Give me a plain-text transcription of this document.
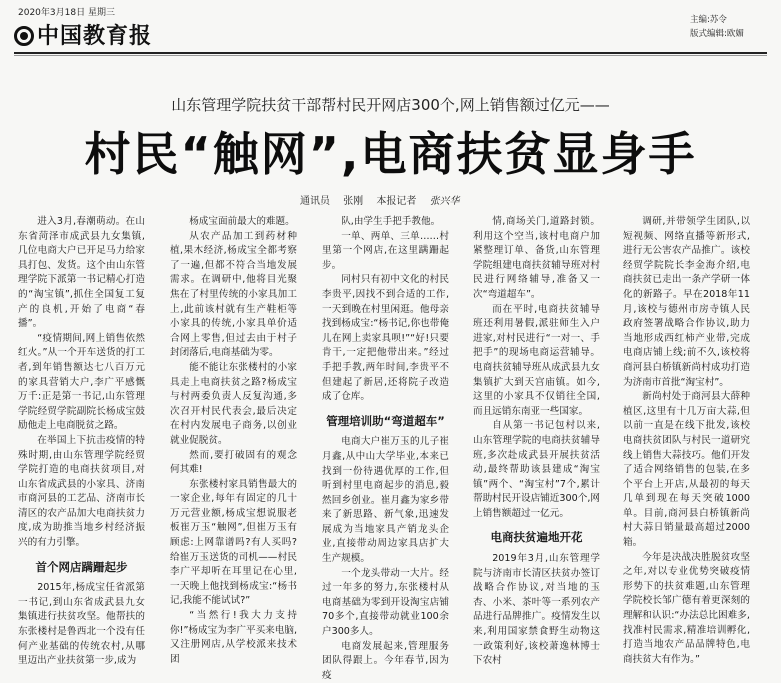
2020年3月18日 星期三
中国教育报
主编:苏令
版式编辑:欧媚
山东管理学院扶贫干部帮村民开网店300个,网上销售额过亿元——
村民“触网”,电商扶贫显身手
通讯员 张刚 本报记者 张兴华

进入3月,春潮萌动。在山东省菏泽市成武县九女集镇,几位电商大户已开足马力给家具打包、发货。这个由山东管理学院下派第一书记精心打造的“淘宝镇”,抓住全国复工复产的良机,开始了电商“春播”。

“疫情期间,网上销售依然红火。”从一个开车送货的打工者,到年销售额达七八百万元的家具营销大户,李广平感慨万千:正是第一书记,山东管理学院经贸学院副院长杨成宝鼓励他走上电商脱贫之路。

在举国上下抗击疫情的特殊时期,由山东管理学院经贸学院打造的电商扶贫项目,对山东省成武县的小家具、济南市商河县的工艺品、济南市长清区的农产品加大电商扶贫力度,成为助推当地乡村经济振兴的有力引擎。

首个网店蹒跚起步

2015年,杨成宝任省派第一书记,到山东省成武县九女集镇进行扶贫攻坚。他帮扶的东张楼村是鲁西北一个没有任何产业基础的传统农村,从哪里迈出产业扶贫第一步,成为

杨成宝面前最大的难题。

从农产品加工到药材种植,果木经济,杨成宝全都考察了一遍,但都不符合当地发展需求。在调研中,他将目光聚焦在了村里传统的小家具加工上,此前该村就有生产鞋柜等小家具的传统,小家具单价适合网上零售,但过去由于村子封闭落后,电商基础为零。

能不能让东张楼村的小家具走上电商扶贫之路?杨成宝与村两委负责人反复沟通,多次召开村民代表会,最后决定在村内发展电子商务,以创业就业促脱贫。

然而,要打破固有的观念何其难!

东张楼村家具销售最大的一家企业,每年有固定的几十万元营业额,杨成宝想说服老板崔万玉“触网”,但崔万玉有顾虑:上网靠谱吗?有人买吗?给崔万玉送货的司机——村民李广平却听在耳里记在心里,一天晚上他找到杨成宝:“杨书记,我能不能试试?”

“当然行!我大力支持你!”杨成宝为李广平买来电脑,又注册网店,从学校派来技术团

队,由学生手把手教他。

一单、两单、三单……村里第一个网店,在这里蹒跚起步。

同村只有初中文化的村民李贵平,因找不到合适的工作,一天到晚在村里闲逛。他母亲找到杨成宝:“杨书记,你也带俺儿在网上卖家具呗!”“好!只要肯干,一定把他带出来。”经过手把手教,两年时间,李贵平不但建起了新居,还将院子改造成了仓库。

管理培训助“弯道超车”

电商大户崔万玉的儿子崔月鑫,从中山大学毕业,本来已找到一份待遇优厚的工作,但听到村里电商起步的消息,毅然回乡创业。崔月鑫为家乡带来了新思路、新气象,迅速发展成为当地家具产销龙头企业,直接带动周边家具店扩大生产规模。

一个龙头带动一大片。经过一年多的努力,东张楼村从电商基础为零到开设淘宝店铺70多个,直接带动就业100余户300多人。

电商发展起来,管理服务团队得跟上。今年春节,因为疫

情,商场关门,道路封锁。利用这个空当,该村电商户加紧整理订单、备货,山东管理学院组建电商扶贫辅导班对村民进行网络辅导,准备又一次“弯道超车”。

而在平时,电商扶贫辅导班还利用暑假,派驻师生入户进家,对村民进行“一对一、手把手”的现场电商运营辅导。电商扶贫辅导班从成武县九女集镇扩大到天宫庙镇。如今,这里的小家具不仅销往全国,而且远销东南亚一些国家。

自从第一书记包村以来,山东管理学院的电商扶贫辅导班,多次赴成武县开展扶贫活动,最终帮助该县建成“淘宝镇”两个、“淘宝村”7个,累计帮助村民开设店铺近300个,网上销售额超过一亿元。

电商扶贫遍地开花

2019年3月,山东管理学院与济南市长清区扶贫办签订战略合作协议,对当地的玉杏、小米、茶叶等一系列农产品进行品牌推广。疫情发生以来,利用国家禁食野生动物这一政策利好,该校萧逸林博士下农村

调研,并带领学生团队,以短视频、网络直播等新形式,进行无公害农产品推广。该校经贸学院院长李金海介绍,电商扶贫已走出一条产学研一体化的新路子。早在2018年11月,该校与德州市房寺镇人民政府签署战略合作协议,助力当地形成西红柿产业带,完成电商店铺上线;前不久,该校将商河县白桥镇新尚村成功打造为济南市首批“淘宝村”。

新尚村处于商河县大薛种植区,这里有十几万亩大蒜,但以前一直是在线下批发,该校电商扶贫团队与村民一道研究线上销售大蒜技巧。他们开发了适合网络销售的包装,在多个平台上开店,从最初的每天几单到现在每天突破1000单。目前,商河县白桥镇新尚村大蒜日销量最高超过2000箱。

今年是决战决胜脱贫攻坚之年,对以专业优势突破疫情形势下的扶贫难题,山东管理学院校长邹广德有着更深刻的理解和认识:“办法总比困难多,找准村民需求,精准培训孵化,打造当地农产品品牌特色,电商扶贫大有作为。”
